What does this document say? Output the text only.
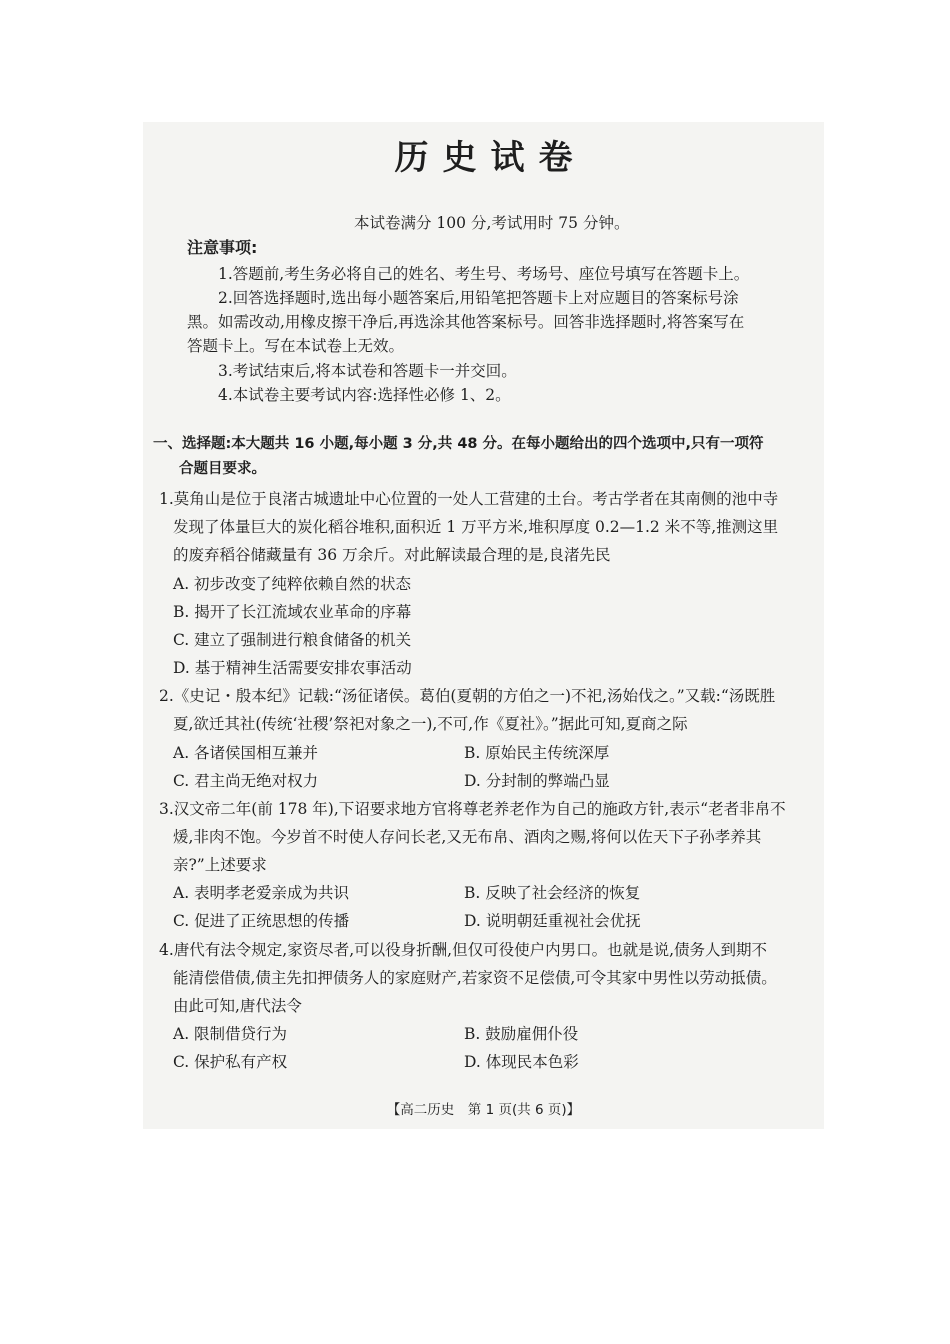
历史试卷
本试卷满分 100 分,考试用时 75 分钟。
注意事项:
1.答题前,考生务必将自己的姓名、考生号、考场号、座位号填写在答题卡上。
2.回答选择题时,选出每小题答案后,用铅笔把答题卡上对应题目的答案标号涂
黑。如需改动,用橡皮擦干净后,再选涂其他答案标号。回答非选择题时,将答案写在
答题卡上。写在本试卷上无效。
3.考试结束后,将本试卷和答题卡一并交回。
4.本试卷主要考试内容:选择性必修 1、2。
一、选择题:本大题共 16 小题,每小题 3 分,共 48 分。在每小题给出的四个选项中,只有一项符
合题目要求。
1.莫角山是位于良渚古城遗址中心位置的一处人工营建的土台。考古学者在其南侧的池中寺
发现了体量巨大的炭化稻谷堆积,面积近 1 万平方米,堆积厚度 0.2—1.2 米不等,推测这里
的废弃稻谷储藏量有 36 万余斤。对此解读最合理的是,良渚先民
A. 初步改变了纯粹依赖自然的状态
B. 揭开了长江流域农业革命的序幕
C. 建立了强制进行粮食储备的机关
D. 基于精神生活需要安排农事活动
2.《史记・殷本纪》记载:“汤征诸侯。葛伯(夏朝的方伯之一)不祀,汤始伐之。”又载:“汤既胜
夏,欲迁其社(传统‘社稷’祭祀对象之一),不可,作《夏社》。”据此可知,夏商之际
A. 各诸侯国相互兼并	B. 原始民主传统深厚
C. 君主尚无绝对权力	D. 分封制的弊端凸显
3.汉文帝二年(前 178 年),下诏要求地方官将尊老养老作为自己的施政方针,表示“老者非帛不
煖,非肉不饱。今岁首不时使人存问长老,又无布帛、酒肉之赐,将何以佐天下子孙孝养其
亲?”上述要求
A. 表明孝老爱亲成为共识	B. 反映了社会经济的恢复
C. 促进了正统思想的传播	D. 说明朝廷重视社会优抚
4.唐代有法令规定,家资尽者,可以役身折酬,但仅可役使户内男口。也就是说,债务人到期不
能清偿借债,债主先扣押债务人的家庭财产,若家资不足偿债,可令其家中男性以劳动抵债。
由此可知,唐代法令
A. 限制借贷行为	B. 鼓励雇佣仆役
C. 保护私有产权	D. 体现民本色彩
【高二历史　第 1 页(共 6 页)】
